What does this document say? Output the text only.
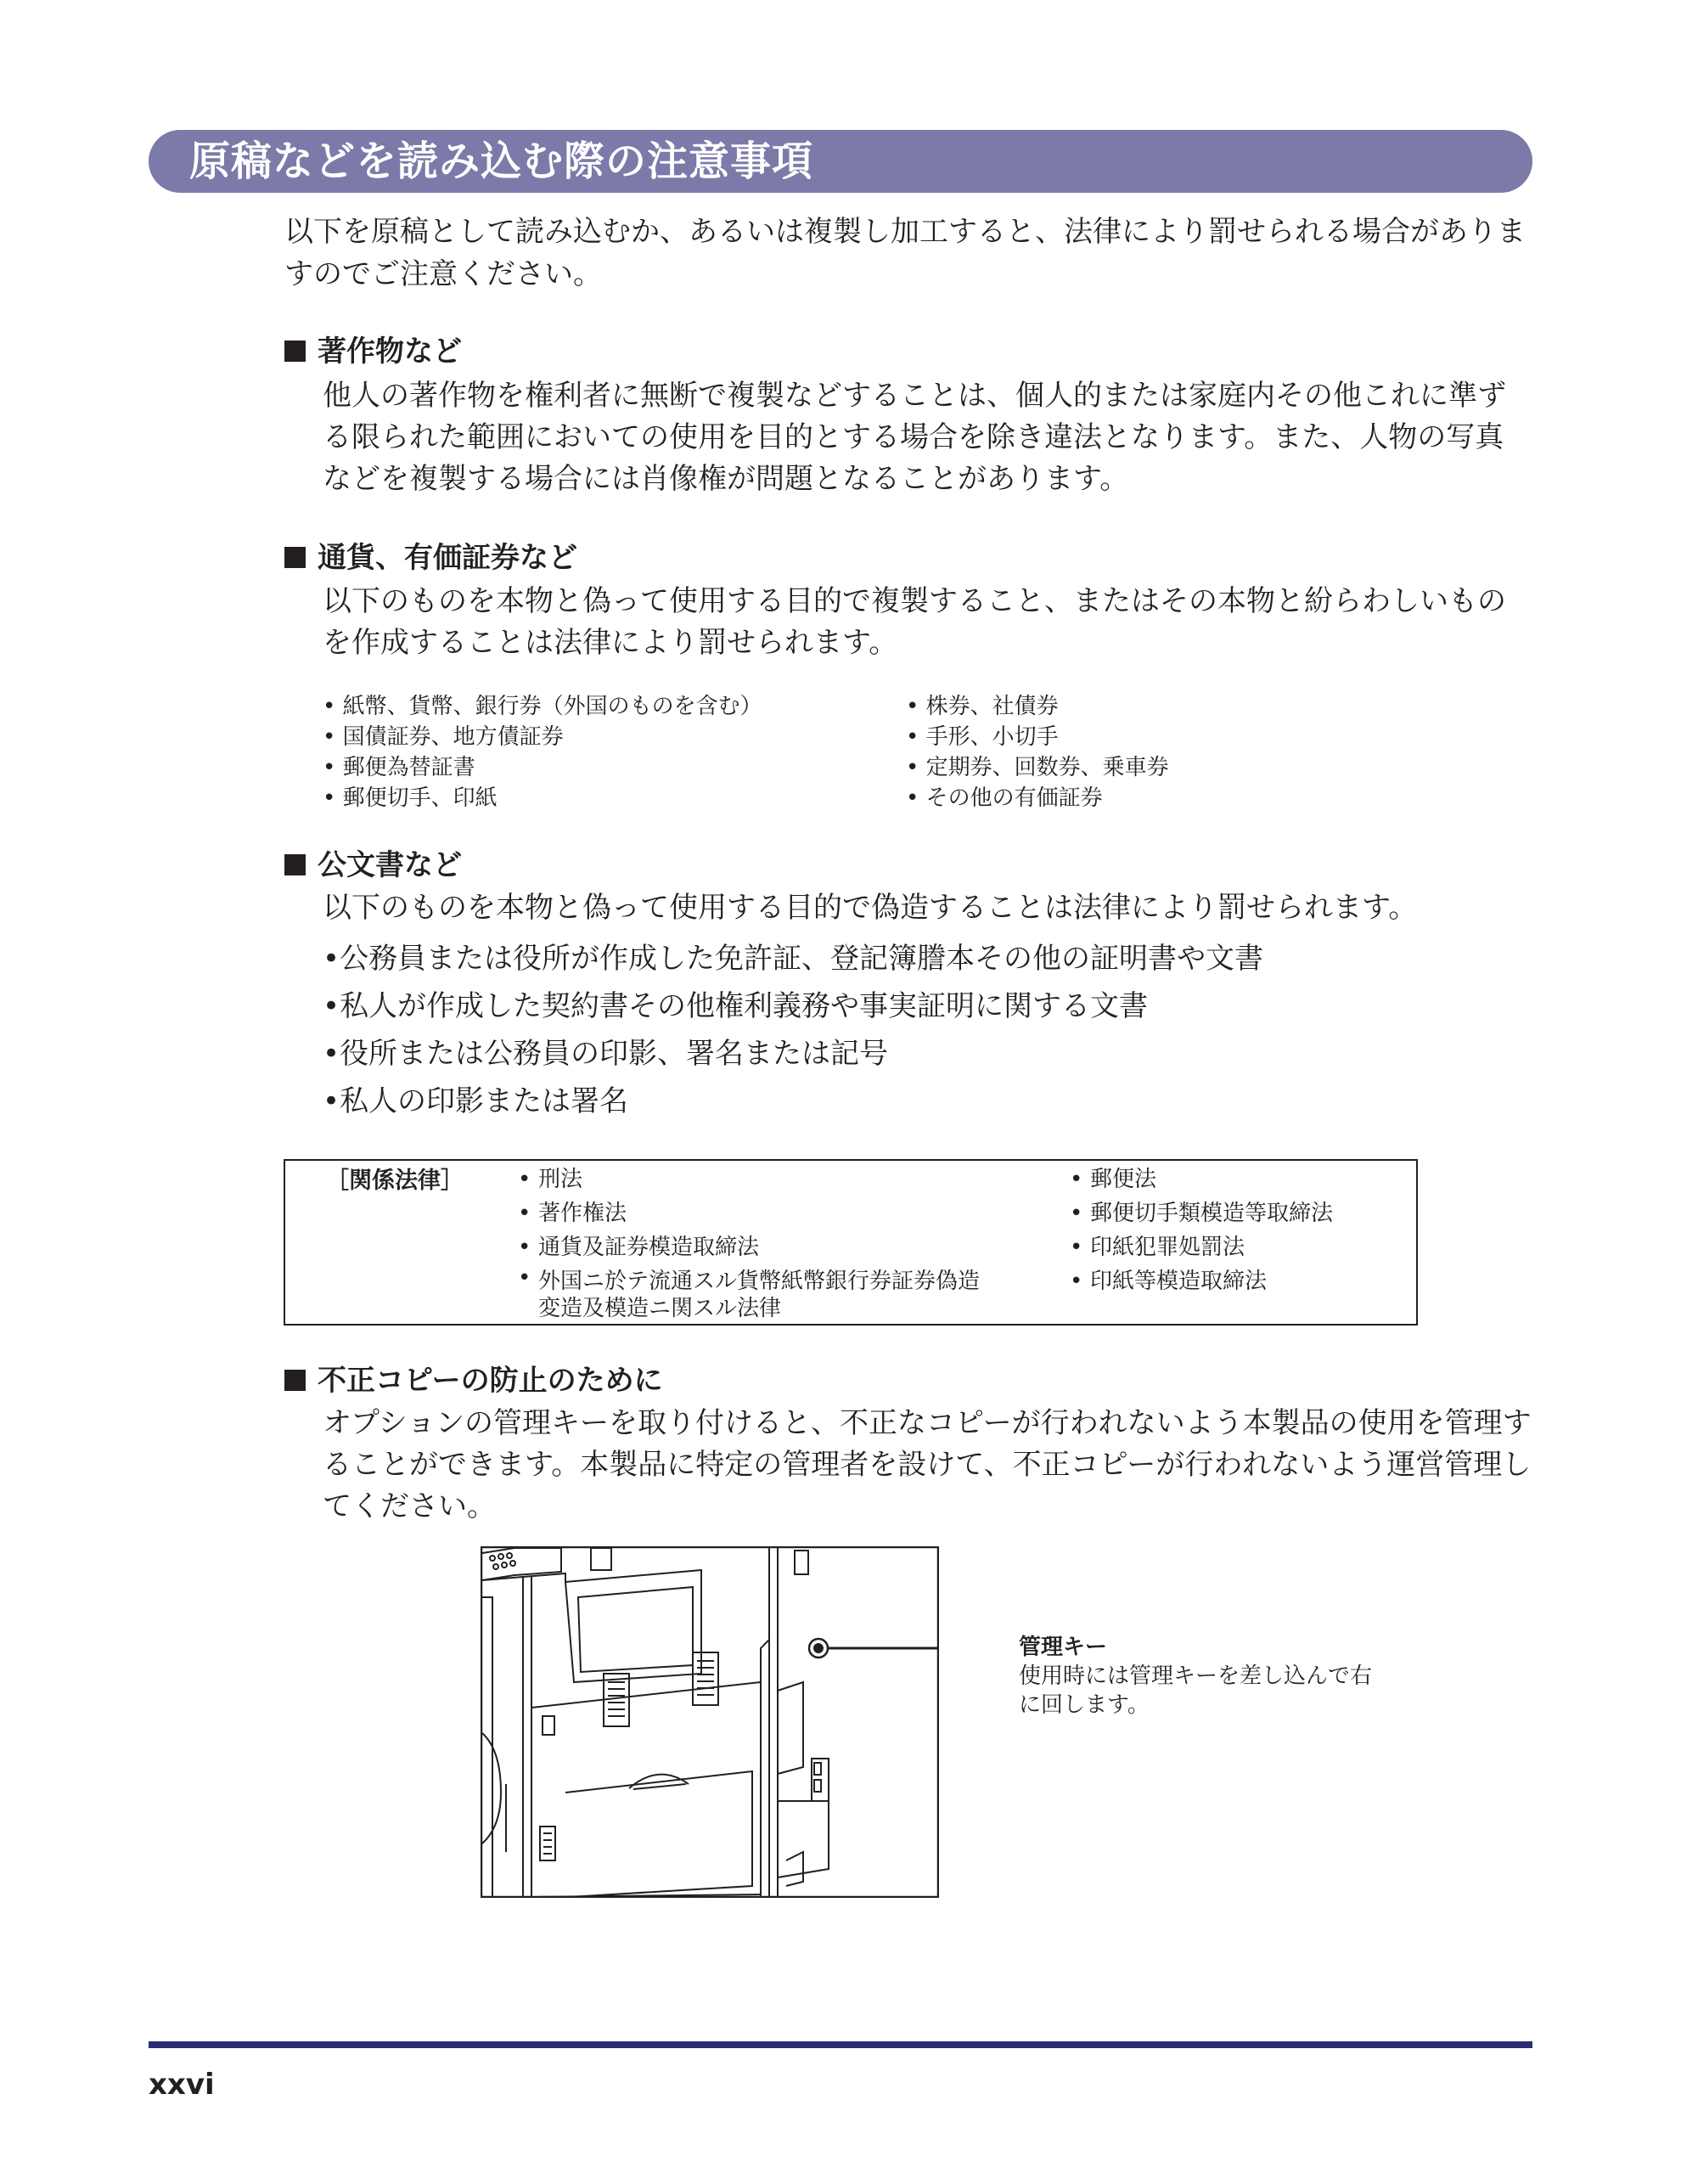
原稿などを読み込む際の注意事項
以下を原稿として読み込むか、あるいは複製し加工すると、法律により罰せられる場合がありますのでご注意ください。
著作物など
他人の著作物を権利者に無断で複製などすることは、個人的または家庭内その他これに準ずる限られた範囲においての使用を目的とする場合を除き違法となります。また、人物の写真などを複製する場合には肖像権が問題となることがあります。
通貨、有価証券など
以下のものを本物と偽って使用する目的で複製すること、またはその本物と紛らわしいものを作成することは法律により罰せられます。
• 紙幣、貨幣、銀行券（外国のものを含む）
• 国債証券、地方債証券
• 郵便為替証書
• 郵便切手、印紙
• 株券、社債券
• 手形、小切手
• 定期券、回数券、乗車券
• その他の有価証券
公文書など
以下のものを本物と偽って使用する目的で偽造することは法律により罰せられます。
• 公務員または役所が作成した免許証、登記簿謄本その他の証明書や文書
• 私人が作成した契約書その他権利義務や事実証明に関する文書
• 役所または公務員の印影、署名または記号
• 私人の印影または署名
［関係法律］
•	刑法
• 著作権法
• 通貨及証券模造取締法
• 外国ニ於テ流通スル貨幣紙幣銀行券証券偽造
変造及模造ニ関スル法律
• 郵便法
• 郵便切手類模造等取締法
• 印紙犯罪処罰法
• 印紙等模造取締法
不正コピーの防止のために
オプションの管理キーを取り付けると、不正なコピーが行われないよう本製品の使用を管理することができます。本製品に特定の管理者を設けて、不正コピーが行われないよう運営管理してください。
管理キー
使用時には管理キーを差し込んで右に回します。
xxvi
